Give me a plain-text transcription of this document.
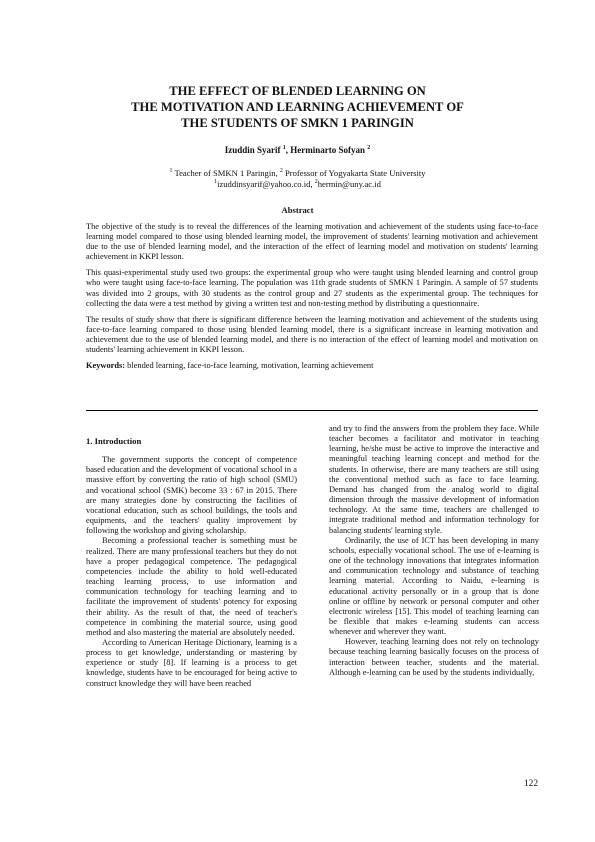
THE EFFECT OF BLENDED LEARNING ON
THE MOTIVATION AND LEARNING ACHIEVEMENT OF
THE STUDENTS OF SMKN 1 PARINGIN
Izuddin Syarif $^1$, Herminarto Sofyan $^2$
$^1$ Teacher of SMKN 1 Paringin, $^2$ Professor of Yogyakarta State University
$^1$izuddinsyarif@yahoo.co.id, $^2$hermin@uny.ac.id
Abstract

The objective of the study is to reveal the differences of the learning motivation and achievement of the students using face-to-face learning model compared to those using blended learning model, the improvement of students' learning motivation and achievement due to the use of blended learning model, and the interaction of the effect of learning model and motivation on students' learning achievement in KKPI lesson.

This quasi-experimental study used two groups: the experimental group who were taught using blended learning and control group who were taught using face-to-face learning. The population was 11th grade students of SMKN 1 Paringin. A sample of 57 students was divided into 2 groups, with 30 students as the control group and 27 students as the experimental group. The techniques for collecting the data were a test method by giving a written test and non-testing method by distributing a questionnaire.

The results of study show that there is significant difference between the learning motivation and achievement of the students using face-to-face learning compared to those using blended learning model, there is a significant increase in learning motivation and achievement due to the use of blended learning model, and there is no interaction of the effect of learning model and motivation on students' learning achievement in KKPI lesson.

Keywords: blended learning, face-to-face learning, motivation, learning achievement

1. Introduction

The government supports the concept of competence based education and the development of vocational school in a massive effort by converting the ratio of high school (SMU) and vocational school (SMK) become 33 : 67 in 2015. There are many strategies done by constructing the facilities of vocational education, such as school buildings, the tools and equipments, and the teachers' quality improvement by following the workshop and giving scholarship.

Becoming a professional teacher is something must be realized. There are many professional teachers but they do not have a proper pedagogical competence. The pedagogical competencies include the ability to hold well-educated teaching learning process, to use information and communication technology for teaching learning and to facilitate the improvement of students' potency for exposing their ability. As the result of that, the need of teacher's competence in combining the material source, using good method and also mastering the material are absolutely needed.

According to American Heritage Dictionary, learning is a process to get knowledge, understanding or mastering by experience or study [8]. If learning is a process to get knowledge, students have to be encouraged for being active to construct knowledge they will have been reached

and try to find the answers from the problem they face. While teacher becomes a facilitator and motivator in teaching learning, he/she must be active to improve the interactive and meaningful teaching learning concept and method for the students. In otherwise, there are many teachers are still using the conventional method such as face to face learning. Demand has changed from the analog world to digital dimension through the massive development of information technology. At the same time, teachers are challenged to integrate traditional method and information technology for balancing students' learning style.

Ordinarily, the use of ICT has been developing in many schools, especially vocational school. The use of e-learning is one of the technology innovations that integrates information and communication technology and substance of teaching learning material. According to Naidu, e-learning is educational activity personally or in a group that is done online or offline by network or personal computer and other electronic wireless [15]. This model of teaching learning can be flexible that makes e-learning students can access whenever and wherever they want.

However, teaching learning does not rely on technology because teaching learning basically focuses on the process of interaction between teacher, students and the material. Although e-learning can be used by the students individually,

122
